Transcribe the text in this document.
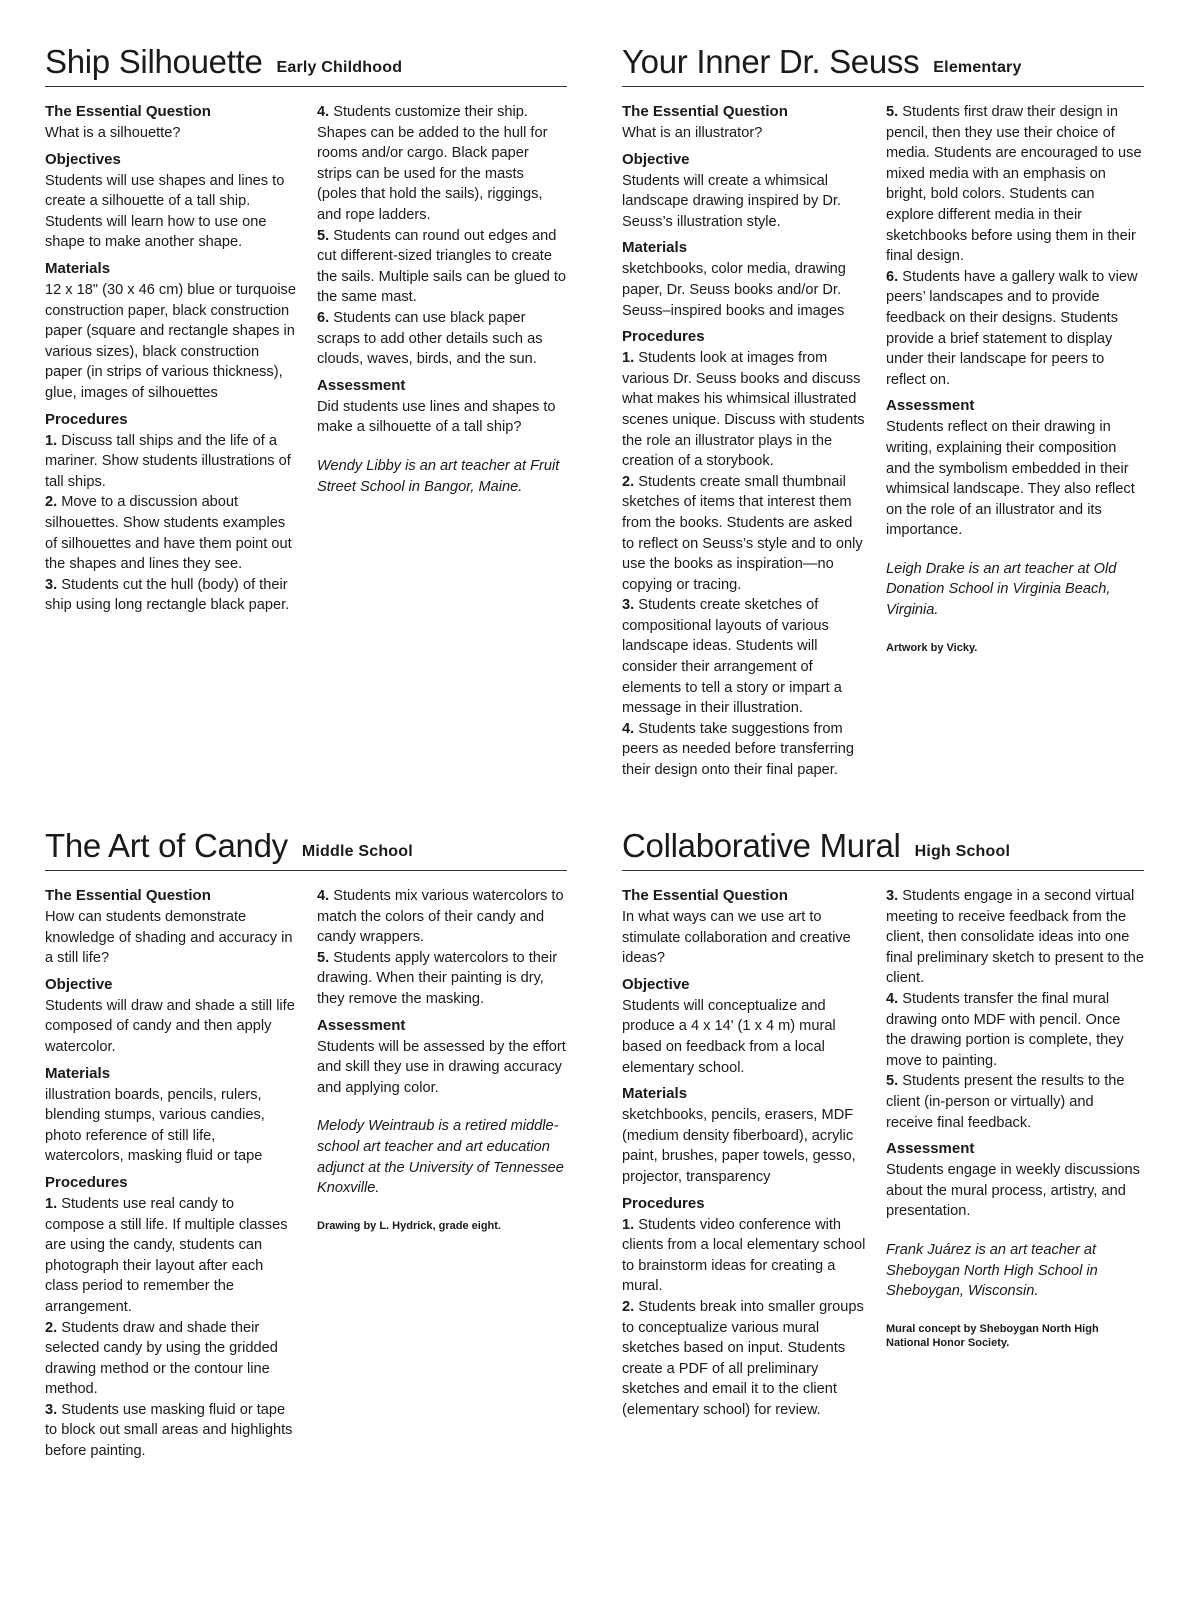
Ship Silhouette Early Childhood
The Essential Question

What is a silhouette?

Objectives

Students will use shapes and lines to create a silhouette of a tall ship. Students will learn how to use one shape to make another shape.

Materials

12 x 18" (30 x 46 cm) blue or turquoise construction paper, black construction paper (square and rectangle shapes in various sizes), black construction paper (in strips of various thickness), glue, images of silhouettes

Procedures

1. Discuss tall ships and the life of a mariner. Show students illustrations of tall ships.

2. Move to a discussion about silhouettes. Show students examples of silhouettes and have them point out the shapes and lines they see.

3. Students cut the hull (body) of their ship using long rectangle black paper.

4. Students customize their ship. Shapes can be added to the hull for rooms and/or cargo. Black paper strips can be used for the masts (poles that hold the sails), riggings, and rope ladders.

5. Students can round out edges and cut different-sized triangles to create the sails. Multiple sails can be glued to the same mast.

6. Students can use black paper scraps to add other details such as clouds, waves, birds, and the sun.

Assessment

Did students use lines and shapes to make a silhouette of a tall ship?

Wendy Libby is an art teacher at Fruit Street School in Bangor, Maine.

Your Inner Dr. Seuss Elementary
The Essential Question

What is an illustrator?

Objective

Students will create a whimsical landscape drawing inspired by Dr. Seuss’s illustration style.

Materials

sketchbooks, color media, drawing paper, Dr. Seuss books and/or Dr. Seuss–inspired books and images

Procedures

1. Students look at images from various Dr. Seuss books and discuss what makes his whimsical illustrated scenes unique. Discuss with students the role an illustrator plays in the creation of a storybook.

2. Students create small thumbnail sketches of items that interest them from the books. Students are asked to reflect on Seuss’s style and to only use the books as inspiration—no copying or tracing.

3. Students create sketches of compositional layouts of various landscape ideas. Students will consider their arrangement of elements to tell a story or impart a message in their illustration.

4. Students take suggestions from peers as needed before transferring their design onto their final paper.

5. Students first draw their design in pencil, then they use their choice of media. Students are encouraged to use mixed media with an emphasis on bright, bold colors. Students can explore different media in their sketchbooks before using them in their final design.

6. Students have a gallery walk to view peers’ landscapes and to provide feedback on their designs. Students provide a brief statement to display under their landscape for peers to reflect on.

Assessment

Students reflect on their drawing in writing, explaining their composition and the symbolism embedded in their whimsical landscape. They also reflect on the role of an illustrator and its importance.

Leigh Drake is an art teacher at Old Donation School in Virginia Beach, Virginia.

Artwork by Vicky.

The Art of Candy Middle School
The Essential Question

How can students demonstrate knowledge of shading and accuracy in a still life?

Objective

Students will draw and shade a still life composed of candy and then apply watercolor.

Materials

illustration boards, pencils, rulers, blending stumps, various candies, photo reference of still life, watercolors, masking fluid or tape

Procedures

1. Students use real candy to compose a still life. If multiple classes are using the candy, students can photograph their layout after each class period to remember the arrangement.

2. Students draw and shade their selected candy by using the gridded drawing method or the contour line method.

3. Students use masking fluid or tape to block out small areas and highlights before painting.

4. Students mix various watercolors to match the colors of their candy and candy wrappers.

5. Students apply watercolors to their drawing. When their painting is dry, they remove the masking.

Assessment

Students will be assessed by the effort and skill they use in drawing accuracy and applying color.

Melody Weintraub is a retired middle-school art teacher and art education adjunct at the University of Tennessee Knoxville.

Drawing by L. Hydrick, grade eight.

Collaborative Mural High School
The Essential Question

In what ways can we use art to stimulate collaboration and creative ideas?

Objective

Students will conceptualize and produce a 4 x 14' (1 x 4 m) mural based on feedback from a local elementary school.

Materials

sketchbooks, pencils, erasers, MDF (medium density fiberboard), acrylic paint, brushes, paper towels, gesso, projector, transparency

Procedures

1. Students video conference with clients from a local elementary school to brainstorm ideas for creating a mural.

2. Students break into smaller groups to conceptualize various mural sketches based on input. Students create a PDF of all preliminary sketches and email it to the client (elementary school) for review.

3. Students engage in a second virtual meeting to receive feedback from the client, then consolidate ideas into one final preliminary sketch to present to the client.

4. Students transfer the final mural drawing onto MDF with pencil. Once the drawing portion is complete, they move to painting.

5. Students present the results to the client (in-person or virtually) and receive final feedback.

Assessment

Students engage in weekly discussions about the mural process, artistry, and presentation.

Frank Juárez is an art teacher at Sheboygan North High School in Sheboygan, Wisconsin.

Mural concept by Sheboygan North High National Honor Society.
